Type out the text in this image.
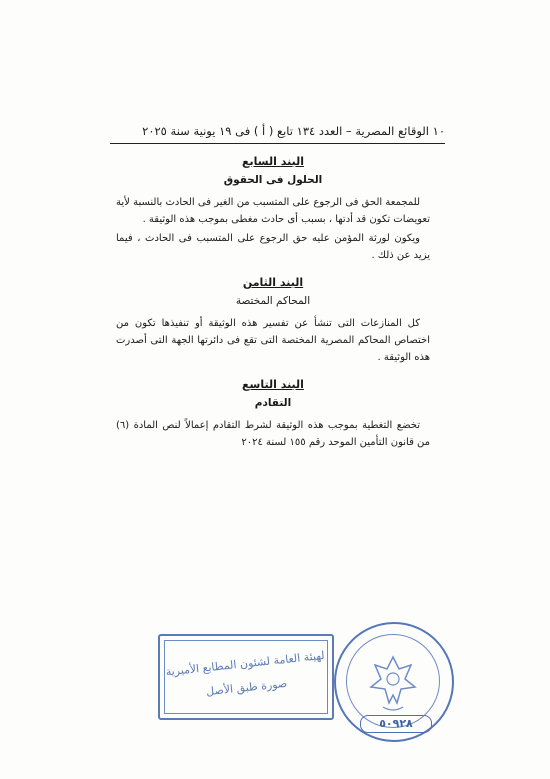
١٠ الوقائع المصرية – العدد ١٣٤ تابع ( أ ) فى ١٩ يونية سنة ٢٠٢٥
البند السابع
الحلول فى الحقوق

للمجمعة الحق فى الرجوع على المتسبب من الغير فى الحادث بالنسبة لأية تعويضات تكون قد أدتها ، بسبب أى حادث مغطى بموجب هذه الوثيقة .

ويكون لورثة المؤمن عليه حق الرجوع على المتسبب فى الحادث ، فيما يزيد عن ذلك .

البند الثامن
المحاكم المختصة

كل المنازعات التى تنشأ عن تفسير هذه الوثيقة أو تنفيذها تكون من اختصاص المحاكم المصرية المختصة التى تقع فى دائرتها الجهة التى أصدرت هذه الوثيقة .

البند التاسع
التقادم

تخضع التغطية بموجب هذه الوثيقة لشرط التقادم إعمالاً لنص المادة (٦) من قانون التأمين الموحد رقم ١٥٥ لسنة ٢٠٢٤

الهيئة العامة لشئون المطابع الأميرية
صورة طبق الأصل
٥٠٩٢٨
